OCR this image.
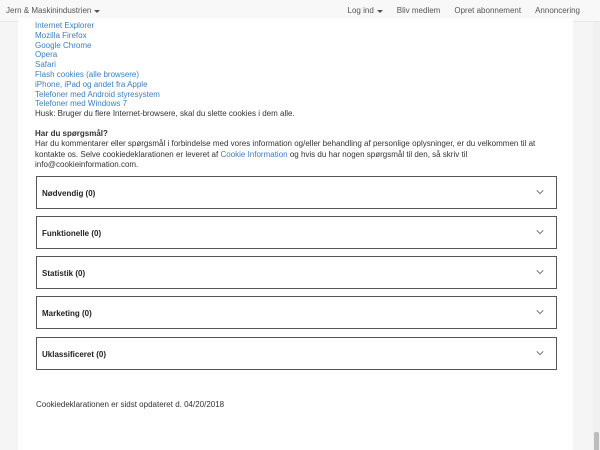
Jern & Maskinindustrien	Log ind	Bliv medlem Opret abonnement Annoncering
Internet Explorer
Mozilla Firefox
Google Chrome
Opera
Safari
Flash cookies (alle browsere)
iPhone, iPad og andet fra Apple
Telefoner med Android styresystem
Telefoner med Windows 7
Husk: Bruger du flere Internet-browsere, skal du slette cookies i dem alle.
Har du spørgsmål?
Har du kommentarer eller spørgsmål i forbindelse med vores information og/eller behandling af personlige oplysninger, er du velkommen til at kontakte os. Selve cookiedeklarationen er leveret af Cookie Information og hvis du har nogen spørgsmål til den, så skriv til info@cookieinformation.com.
Nødvendig (0)
Funktionelle (0)
Statistik (0)
Marketing (0)
Uklassificeret (0)
Cookiedeklarationen er sidst opdateret d. 04/20/2018
